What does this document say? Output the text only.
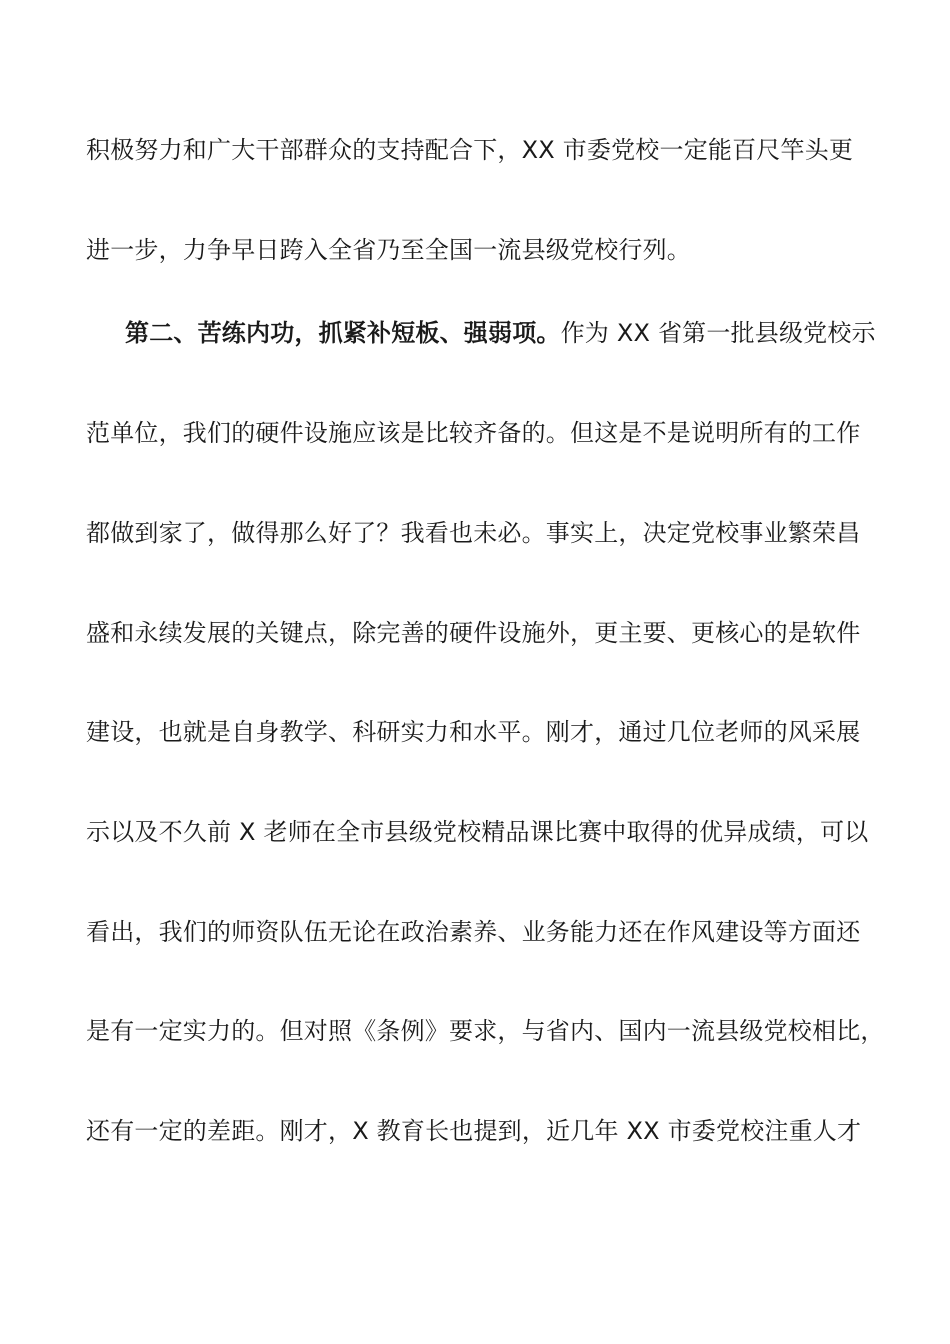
积极努力和广大干部群众的支持配合下，XX 市委党校一定能百尺竿头更
进一步，力争早日跨入全省乃至全国一流县级党校行列。
第二、苦练内功，抓紧补短板、强弱项。作为 XX 省第一批县级党校示
范单位，我们的硬件设施应该是比较齐备的。但这是不是说明所有的工作
都做到家了，做得那么好了？我看也未必。事实上，决定党校事业繁荣昌
盛和永续发展的关键点，除完善的硬件设施外，更主要、更核心的是软件
建设，也就是自身教学、科研实力和水平。刚才，通过几位老师的风采展
示以及不久前 X 老师在全市县级党校精品课比赛中取得的优异成绩，可以
看出，我们的师资队伍无论在政治素养、业务能力还在作风建设等方面还
是有一定实力的。但对照《条例》要求，与省内、国内一流县级党校相比，
还有一定的差距。刚才，X 教育长也提到，近几年 XX 市委党校注重人才
